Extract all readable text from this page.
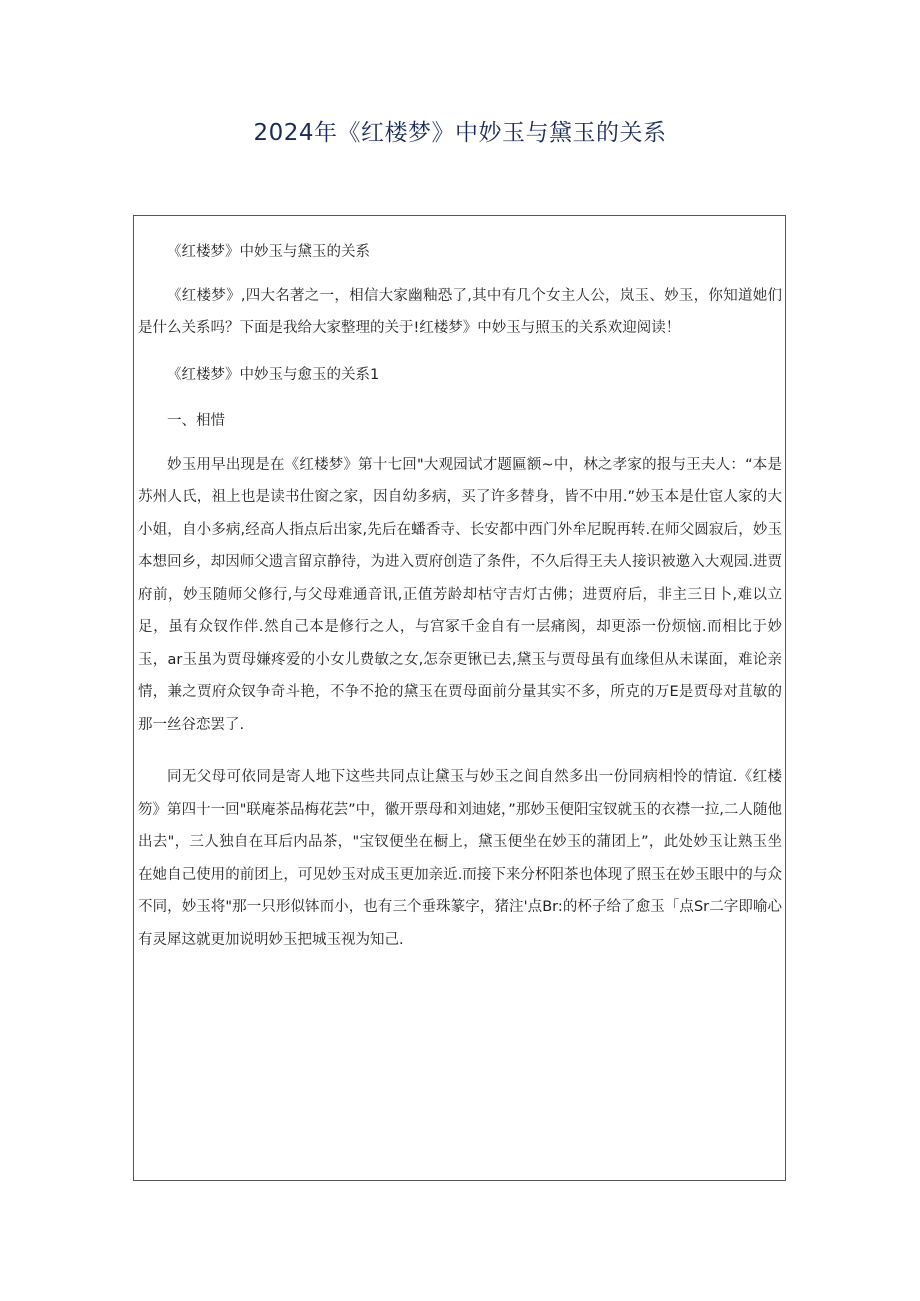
2024年《红楼梦》中妙玉与黛玉的关系

《红楼梦》中妙玉与黛玉的关系

《红楼梦》,四大名著之一，相信大家幽釉恐了,其中有几个女主人公，岚玉、妙玉，你知道她们是什么关系吗？下面是我给大家整理的关于!红楼梦》中妙玉与照玉的关系欢迎阅读！

《红楼梦》中妙玉与愈玉的关系1

一、相惜

妙玉用早出现是在《红楼梦》第十七回"大观园试才题匾额~中，林之孝家的报与王夫人：“本是苏州人氏，祖上也是读书仕窗之家，因自幼多病，买了许多替身，皆不中用.”妙玉本是仕宦人家的大小姐，自小多病,经高人指点后出家,先后在蟠香寺、长安都中西门外牟尼睨再转.在师父圆寂后，妙玉本想回乡，却因师父遗言留京静待，为进入贾府创造了条件，不久后得王夫人接识被邀入大观园.进贾府前，妙玉随师父修行,与父母难通音讯,正值芳龄却枯守吉灯古佛；进贾府后，非主三日卜,难以立足，虽有众钗作伴.然自己本是修行之人，与宫冢千金自有一层痛阂，却更添一份烦恼.而相比于妙玉，ar玉虽为贾母嫌疼爱的小女儿费敏之女,怎奈更锹已去,黛玉与贾母虽有血缘但从未谋面，难论亲情，兼之贾府众钗争奇斗艳，不争不抢的黛玉在贾母面前分量其实不多，所克的万E是贾母对苴敏的那一丝谷恋罢了.

同无父母可依同是寄人地下这些共同点让黛玉与妙玉之间自然多出一份同病相怜的情谊.《红楼笏》第四十一回"联庵茶品梅花芸”中，徽开票母和刘迪姥，”那妙玉便阳宝钗就玉的衣襟一拉,二人随他出去"，三人独自在耳后内品茶，"宝钗便坐在橱上，黛玉便坐在妙玉的蒲团上”，此处妙玉让熟玉坐在她自己使用的前团上，可见妙玉对成玉更加亲近.而接下来分杯阳茶也体现了照玉在妙玉眼中的与众不同，妙玉将"那一只形似钵而小，也有三个垂珠篆字，猪注'点Br:的杯子给了愈玉「点Sr二字即喻心有灵犀这就更加说明妙玉把城玉视为知己.
